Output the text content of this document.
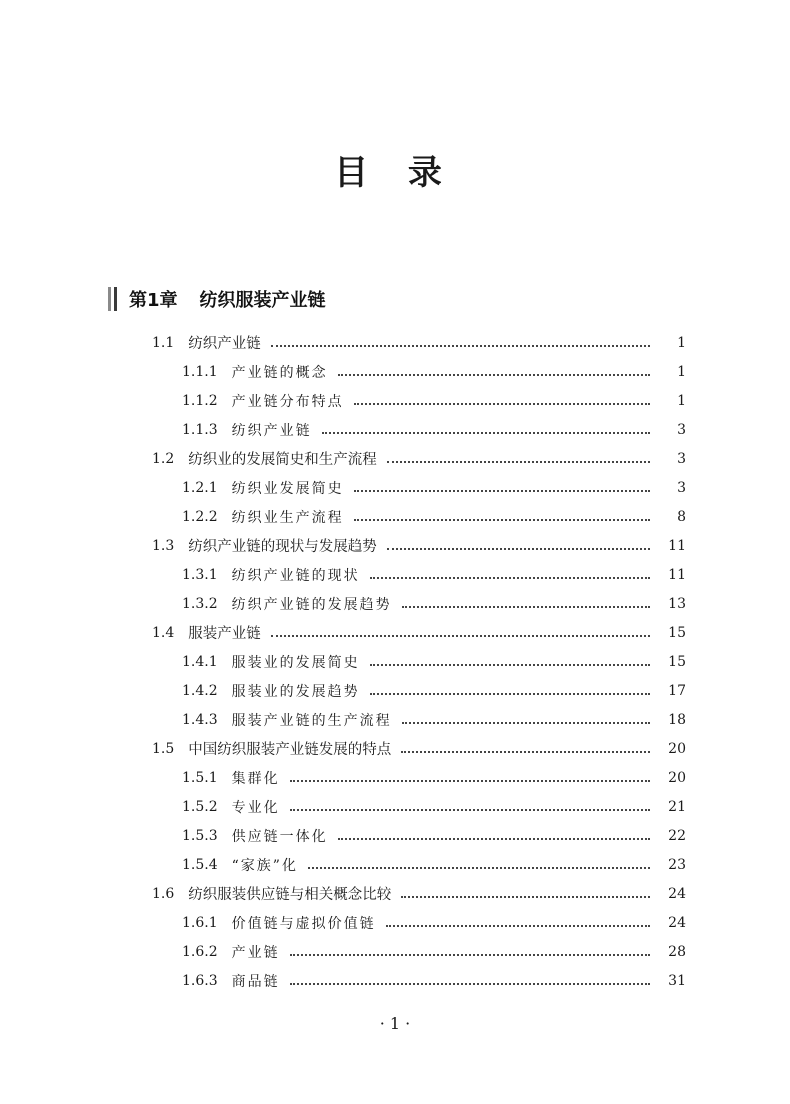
目 录
第1章 纺织服装产业链
1.1 纺织产业链	1
1.1.1 产业链的概念	1
1.1.2 产业链分布特点	1
1.1.3 纺织产业链	3
1.2 纺织业的发展简史和生产流程	3
1.2.1 纺织业发展简史	3
1.2.2 纺织业生产流程	8
1.3 纺织产业链的现状与发展趋势	11
1.3.1 纺织产业链的现状	11
1.3.2 纺织产业链的发展趋势	13
1.4 服装产业链	15
1.4.1 服装业的发展简史	15
1.4.2 服装业的发展趋势	17
1.4.3 服装产业链的生产流程	18
1.5 中国纺织服装产业链发展的特点	20
1.5.1 集群化	20
1.5.2 专业化	21
1.5.3 供应链一体化	22
1.5.4 “家族”化	23
1.6 纺织服装供应链与相关概念比较	24
1.6.1 价值链与虚拟价值链	24
1.6.2 产业链	28
1.6.3 商品链	31
· 1 ·
